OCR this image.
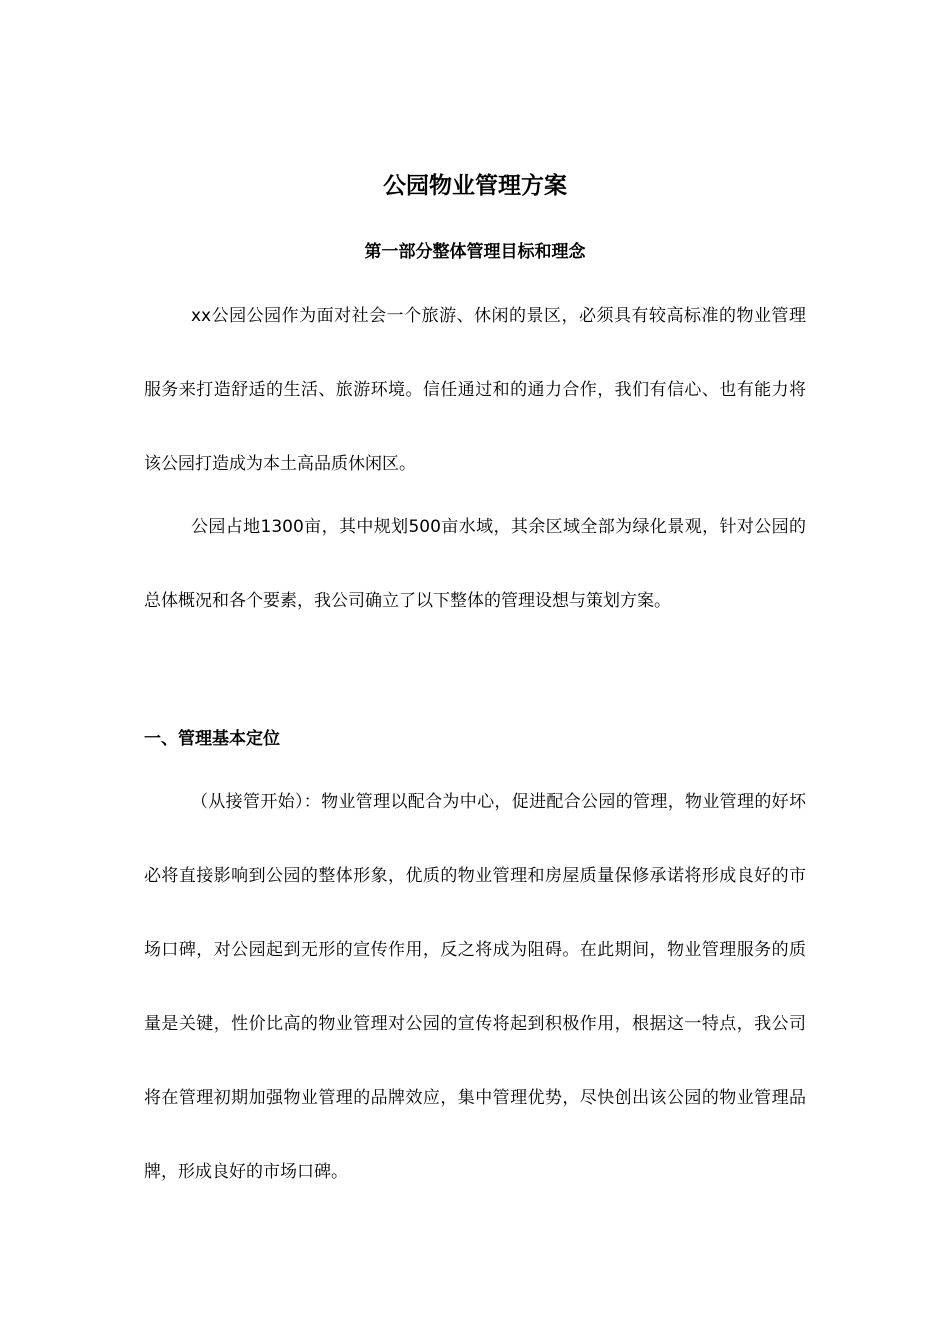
公园物业管理方案
第一部分整体管理目标和理念

xx公园公园作为面对社会一个旅游、休闲的景区，必须具有较高标准的物业管理服务来打造舒适的生活、旅游环境。信任通过和的通力合作，我们有信心、也有能力将该公园打造成为本土高品质休闲区。

公园占地1300亩，其中规划500亩水域，其余区域全部为绿化景观，针对公园的总体概况和各个要素，我公司确立了以下整体的管理设想与策划方案。

一、管理基本定位

（从接管开始）：物业管理以配合为中心，促进配合公园的管理，物业管理的好坏必将直接影响到公园的整体形象，优质的物业管理和房屋质量保修承诺将形成良好的市场口碑，对公园起到无形的宣传作用，反之将成为阻碍。在此期间，物业管理服务的质量是关键，性价比高的物业管理对公园的宣传将起到积极作用，根据这一特点，我公司将在管理初期加强物业管理的品牌效应，集中管理优势，尽快创出该公园的物业管理品牌，形成良好的市场口碑。
